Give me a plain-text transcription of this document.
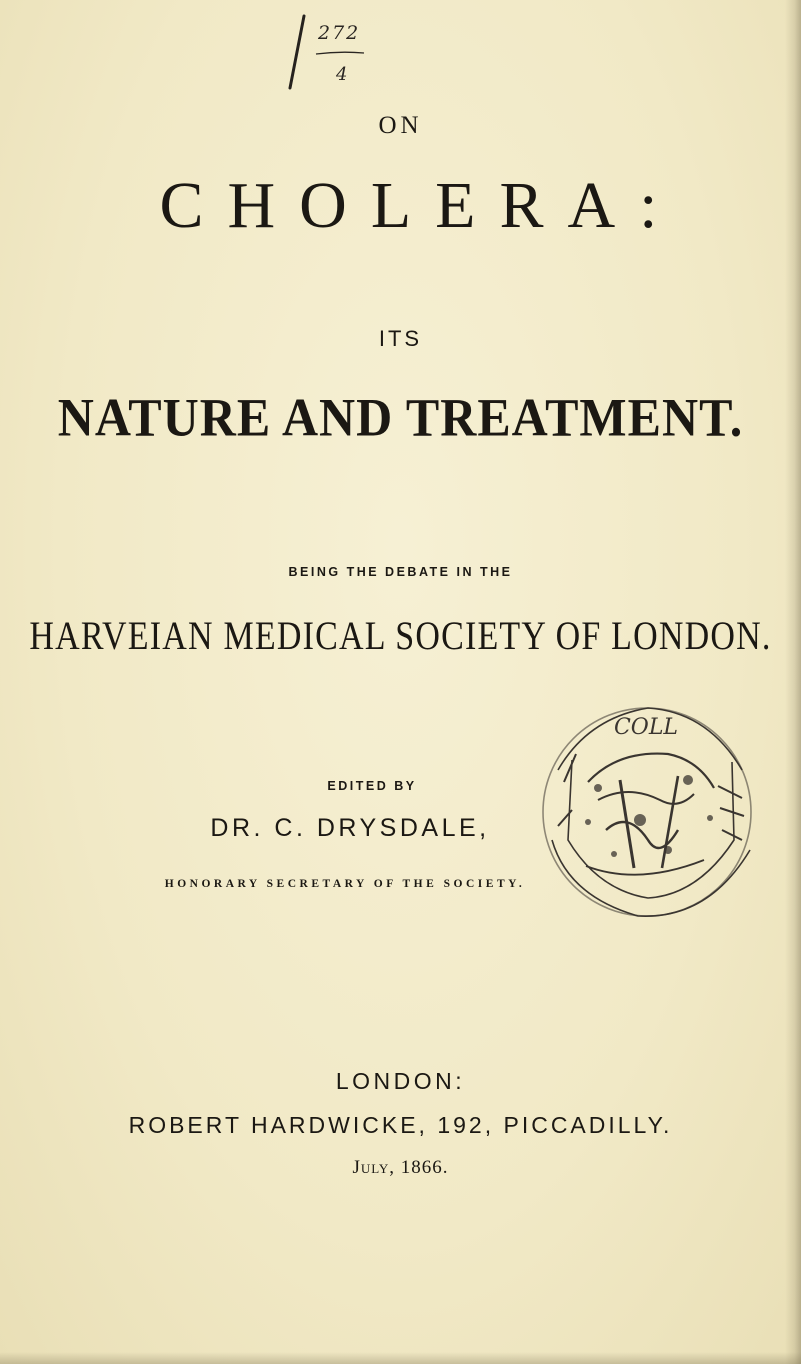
272
4
ON
CHOLERA:
ITS
NATURE AND TREATMENT.
BEING THE DEBATE IN THE
HARVEIAN MEDICAL SOCIETY OF LONDON.
EDITED BY
DR. C. DRYSDALE,
HONORARY SECRETARY OF THE SOCIETY.
COLL
LONDON:
ROBERT HARDWICKE, 192, PICCADILLY.
July, 1866.
